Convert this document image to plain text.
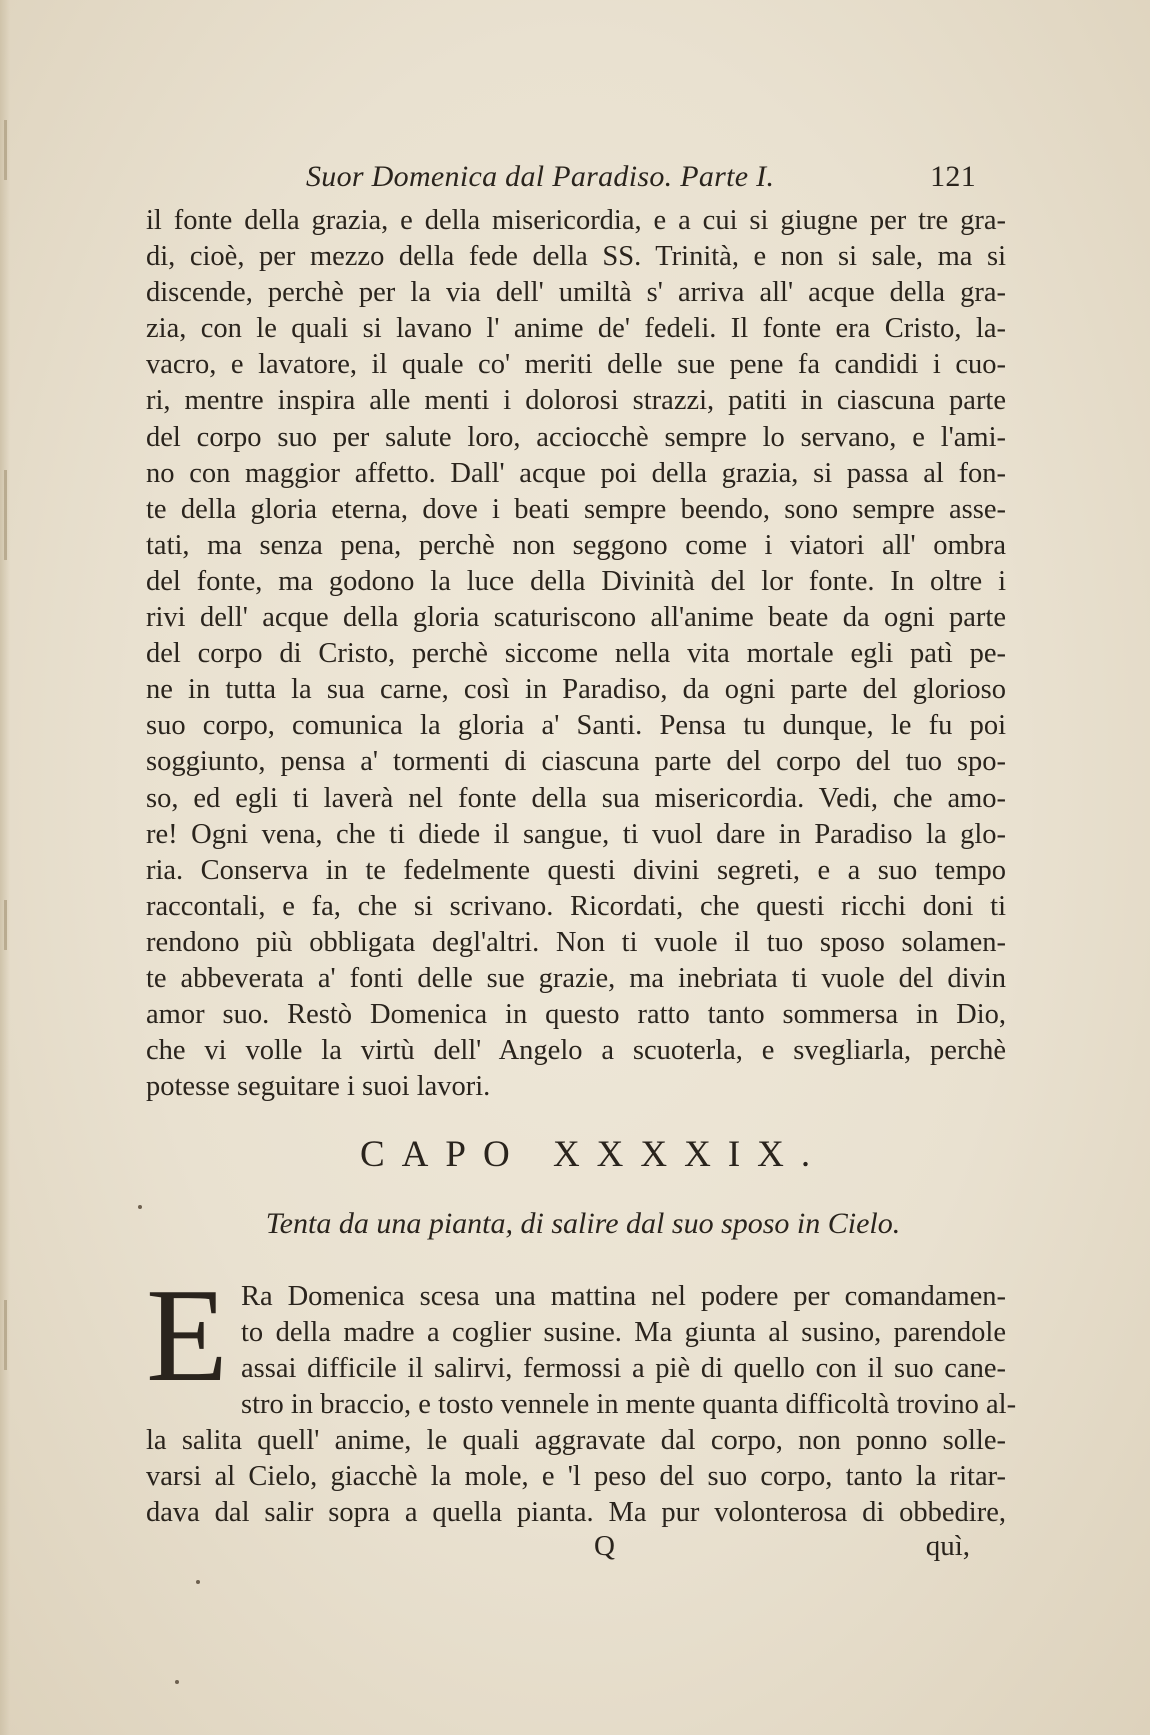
Suor Domenica dal Paradiso. Parte I.	121
il fonte della grazia, e della misericordia, e a cui si giugne per tre gra-
di, cioè, per mezzo della fede della SS. Trinità, e non si sale, ma si
discende, perchè per la via dell' umiltà s' arriva all' acque della gra-
zia, con le quali si lavano l' anime de' fedeli. Il fonte era Cristo, la-
vacro, e lavatore, il quale co' meriti delle sue pene fa candidi i cuo-
ri, mentre inspira alle menti i dolorosi strazzi, patiti in ciascuna parte
del corpo suo per salute loro, acciocchè sempre lo servano, e l'ami-
no con maggior affetto. Dall' acque poi della grazia, si passa al fon-
te della gloria eterna, dove i beati sempre beendo, sono sempre asse-
tati, ma senza pena, perchè non seggono come i viatori all' ombra
del fonte, ma godono la luce della Divinità del lor fonte. In oltre i
rivi dell' acque della gloria scaturiscono all'anime beate da ogni parte
del corpo di Cristo, perchè siccome nella vita mortale egli patì pe-
ne in tutta la sua carne, così in Paradiso, da ogni parte del glorioso
suo corpo, comunica la gloria a' Santi. Pensa tu dunque, le fu poi
soggiunto, pensa a' tormenti di ciascuna parte del corpo del tuo spo-
so, ed egli ti laverà nel fonte della sua misericordia. Vedi, che amo-
re! Ogni vena, che ti diede il sangue, ti vuol dare in Paradiso la glo-
ria. Conserva in te fedelmente questi divini segreti, e a suo tempo
raccontali, e fa, che si scrivano. Ricordati, che questi ricchi doni ti
rendono più obbligata degl'altri. Non ti vuole il tuo sposo solamen-
te abbeverata a' fonti delle sue grazie, ma inebriata ti vuole del divin
amor suo. Restò Domenica in questo ratto tanto sommersa in Dio,
che vi volle la virtù dell' Angelo a scuoterla, e svegliarla, perchè
potesse seguitare i suoi lavori.
CAPO XXXXIX.
Tenta da una pianta, di salire dal suo sposo in Cielo.
E Ra Domenica scesa una mattina nel podere per comandamen-
to della madre a coglier susine. Ma giunta al susino, parendole
assai difficile il salirvi, fermossi a piè di quello con il suo cane-
stro in braccio, e tosto vennele in mente quanta difficoltà trovino al-
la salita quell' anime, le quali aggravate dal corpo, non ponno solle-
varsi al Cielo, giacchè la mole, e 'l peso del suo corpo, tanto la ritar-
dava dal salir sopra a quella pianta. Ma pur volonterosa di obbedire,
Q	quì,
